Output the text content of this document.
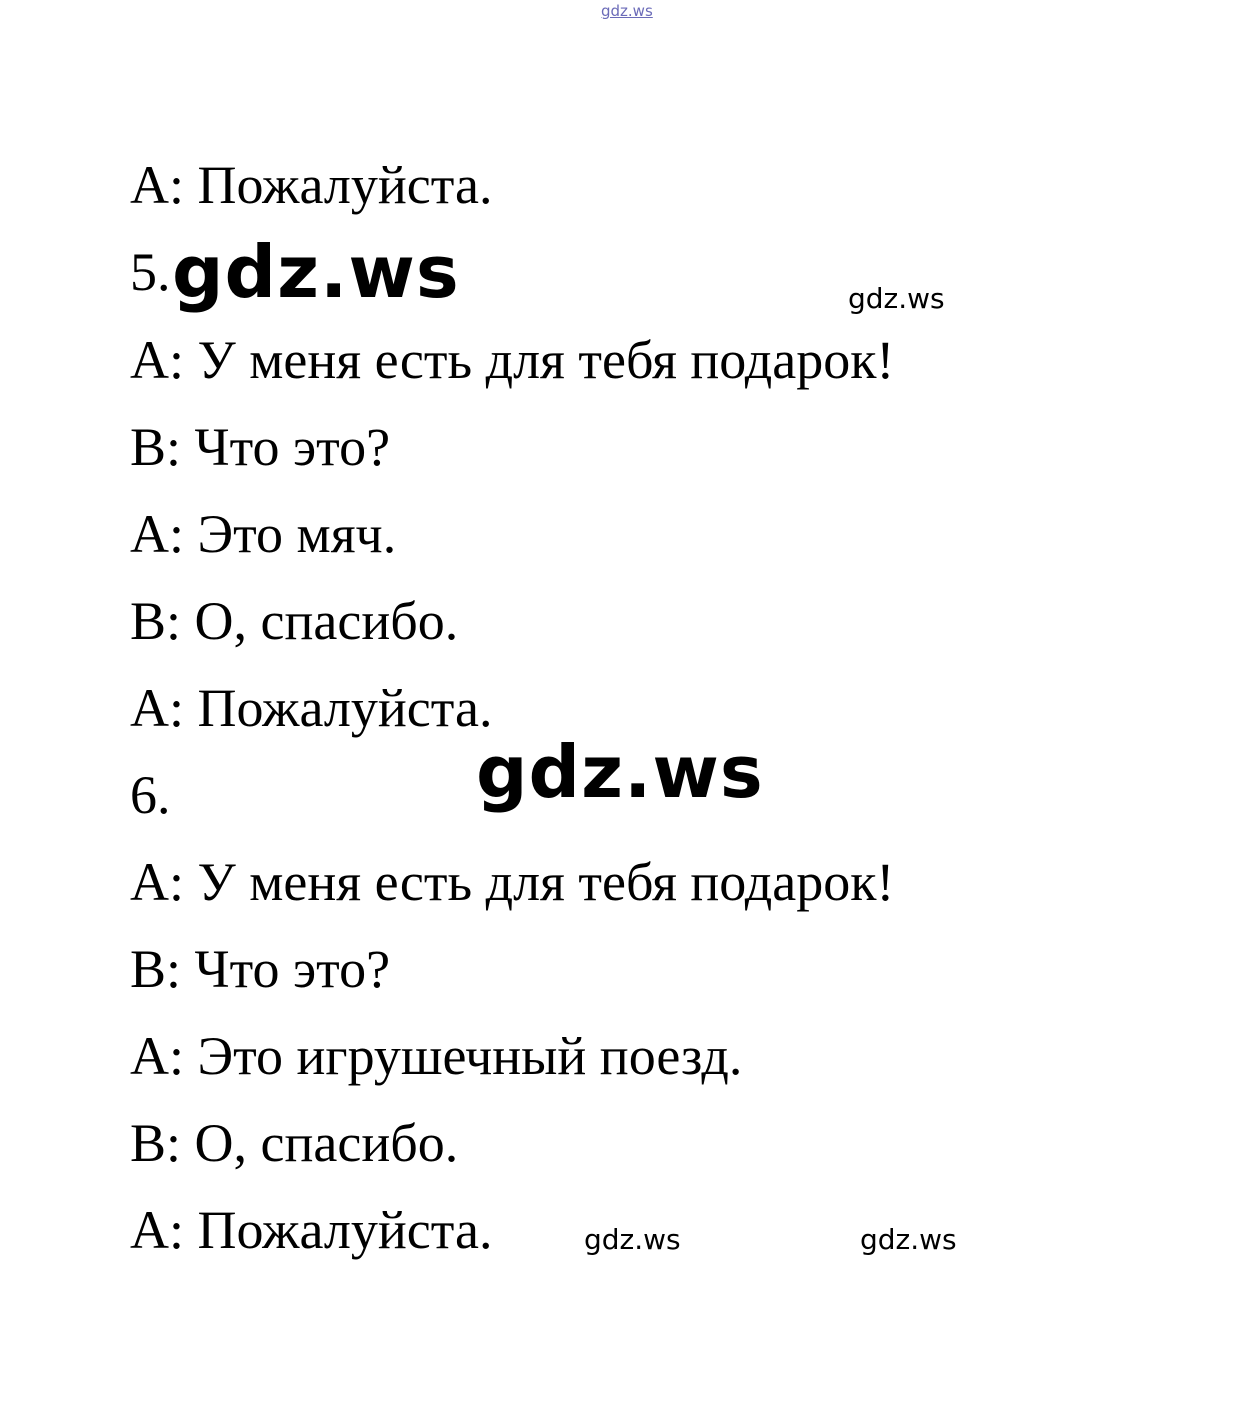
gdz.ws
А: Пожалуйста.
5. gdz.ws	gdz.ws
А: У меня есть для тебя подарок!
В: Что это?
А: Это мяч.
В: О, спасибо.
А: Пожалуйста.
gdz.ws
6.
А: У меня есть для тебя подарок!
В: Что это?
А: Это игрушечный поезд.
В: О, спасибо.
А: Пожалуйста.	gdz.ws	gdz.ws
